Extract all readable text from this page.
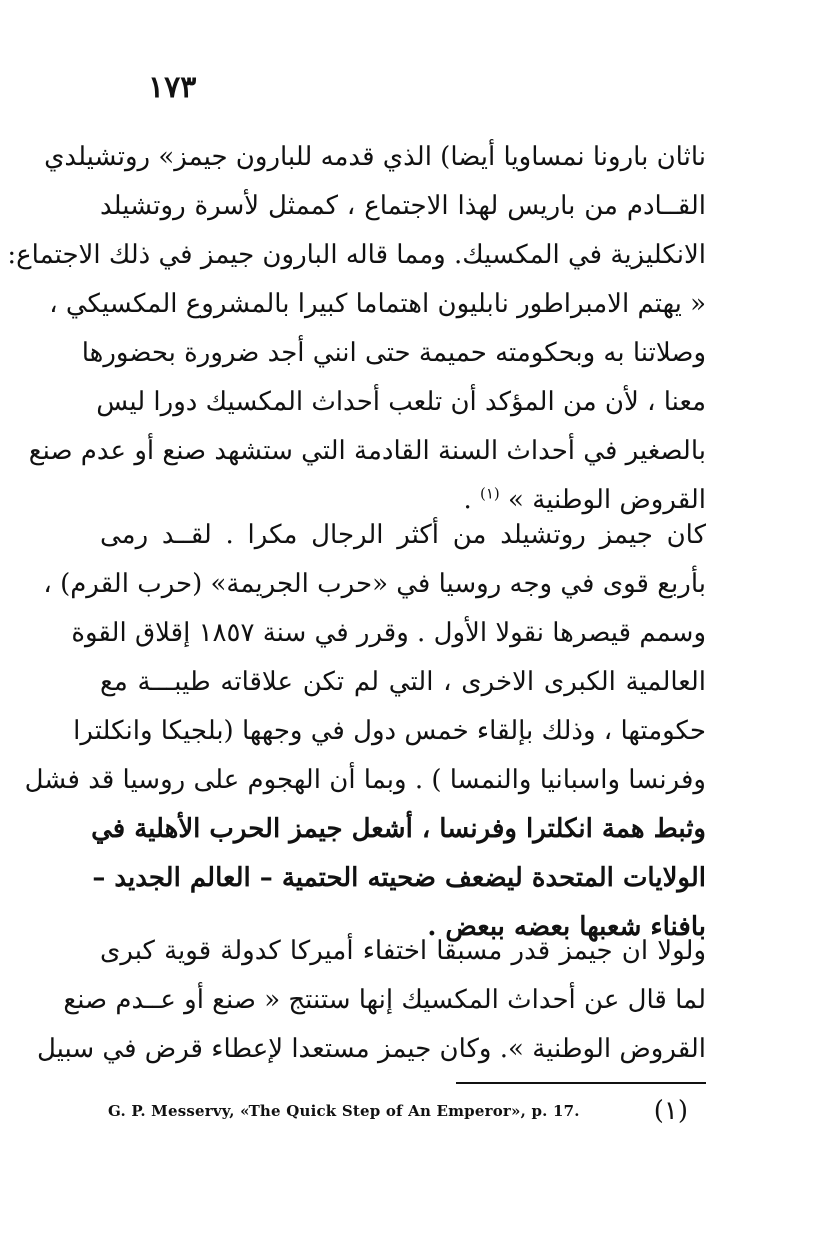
١٧٣
ناثان بارونا نمساويا أيضا) الذي قدمه للبارون جيمز» روتشيلدي
القــادم من باريس لهذا الاجتماع ، كممثل لأسرة روتشيلد
الانكليزية في المكسيك. ومما قاله البارون جيمز في ذلك الاجتماع:
« يهتم الامبراطور نابليون اهتماما كبيرا بالمشروع المكسيكي ،
وصلاتنا به وبحكومته حميمة حتى انني أجد ضرورة بحضورها
معنا ، لأن من المؤكد أن تلعب أحداث المكسيك دورا ليس
بالصغير في أحداث السنة القادمة التي ستشهد صنع أو عدم صنع
القروض الوطنية » $^{(١)}$ .
كان جيمز روتشيلد من أكثر الرجال مكرا . لقــد رمى
بأربع قوى في وجه روسيا في «حرب الجريمة» (حرب القرم) ،
وسمم قيصرها نقولا الأول . وقرر في سنة ١٨٥٧ إقلاق القوة
العالمية الكبرى الاخرى ، التي لم تكن علاقاته طيبـــة مع
حكومتها ، وذلك بإلقاء خمس دول في وجهها (بلجيكا وانكلترا
وفرنسا واسبانيا والنمسا ) . وبما أن الهجوم على روسيا قد فشل
وثبط همة انكلترا وفرنسا ، أشعل جيمز الحرب الأهلية في
الولايات المتحدة ليضعف ضحيته الحتمية – العالم الجديد –
بافناء شعبها بعضه ببعض .
ولولا ان جيمز قدر مسبقا اختفاء أميركا كدولة قوية كبرى
لما قال عن أحداث المكسيك إنها ستنتج « صنع أو عــدم صنع
القروض الوطنية ». وكان جيمز مستعدا لإعطاء قرض في سبيل
G. P. Messervy, «The Quick Step of An Emperor», p. 17.	(١)
